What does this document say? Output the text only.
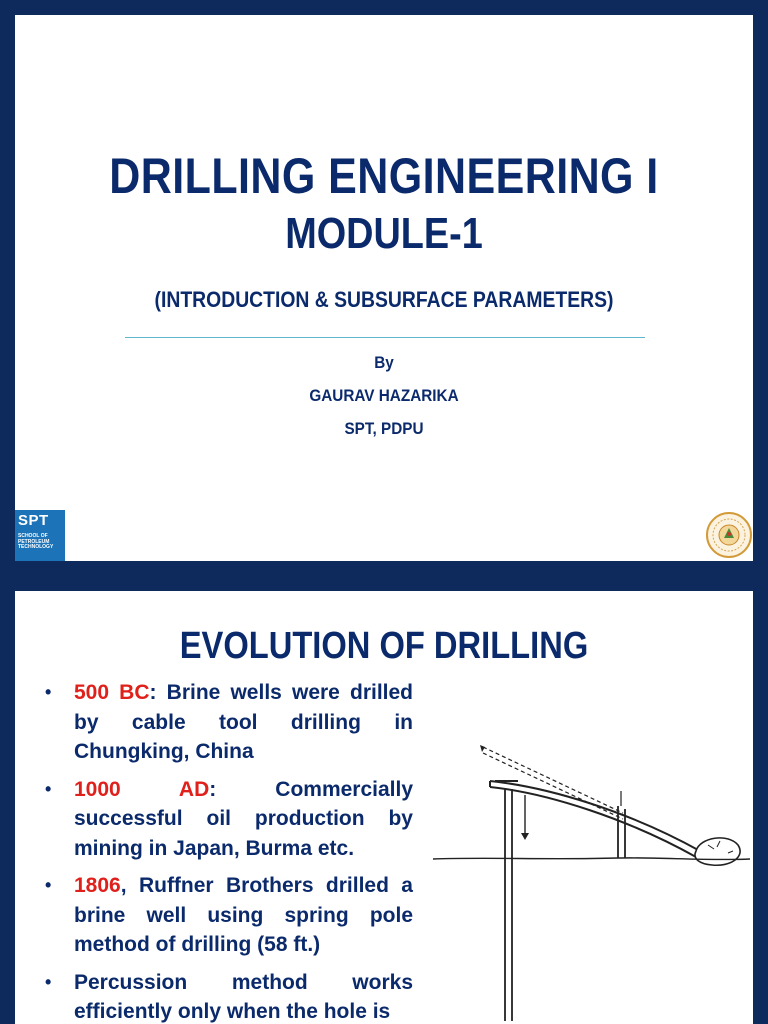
DRILLING ENGINEERING I
MODULE-1
(INTRODUCTION & SUBSURFACE PARAMETERS)
By
GAURAV HAZARIKA
SPT, PDPU
SPT
SCHOOL OF
PETROLEUM
TECHNOLOGY
EVOLUTION OF DRILLING
• 500 BC: Brine wells were drilled by cable tool drilling in Chungking, China
• 1000 AD: Commercially successful oil production by mining in Japan, Burma etc.
• 1806, Ruffner Brothers drilled a brine well using spring pole method of drilling (58 ft.)
• Percussion method works efficiently only when the hole is
